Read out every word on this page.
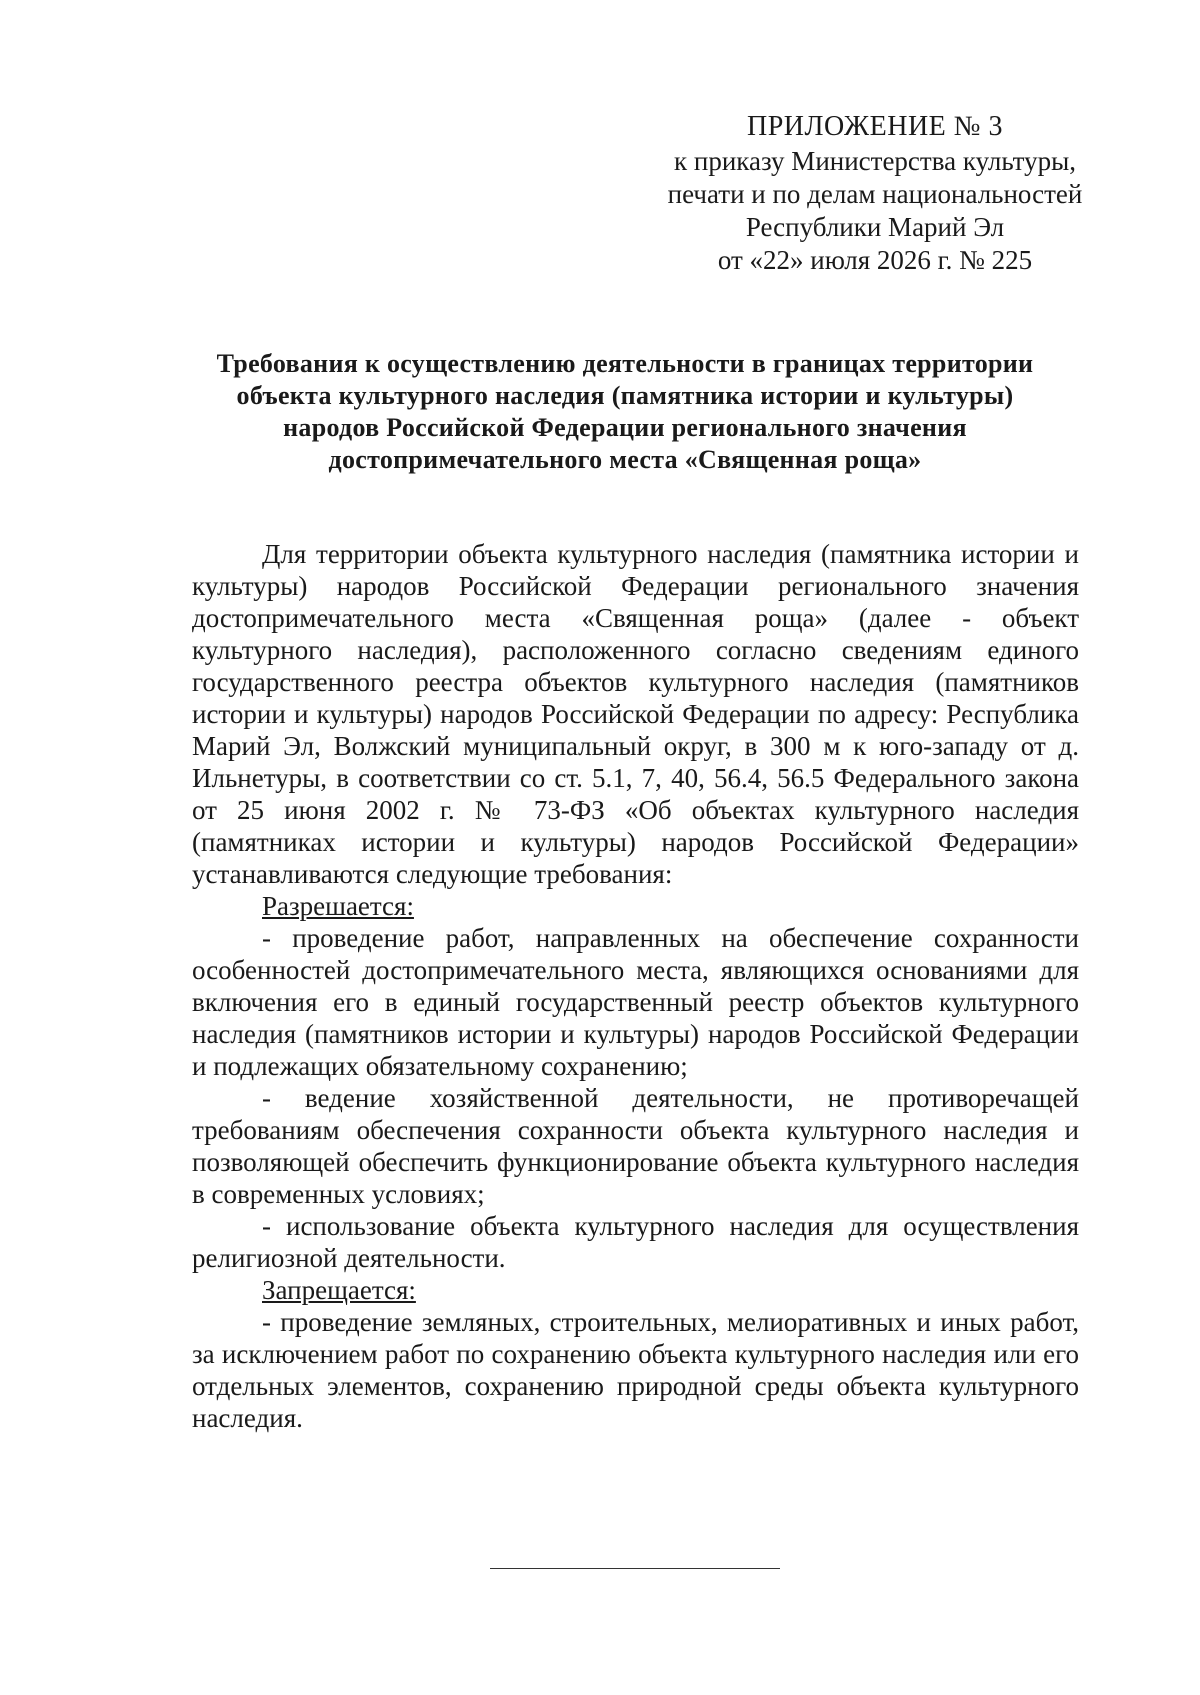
ПРИЛОЖЕНИЕ № 3
к приказу Министерства культуры,
печати и по делам национальностей
Республики Марий Эл
от «22» июля 2026 г. № 225
Требования к осуществлению деятельности в границах территории
объекта культурного наследия (памятника истории и культуры)
народов Российской Федерации регионального значения
достопримечательного места «Священная роща»

Для территории объекта культурного наследия (памятника истории и культуры) народов Российской Федерации регионального значения достопримечательного места «Священная роща» (далее - объект культурного наследия), расположенного согласно сведениям единого государственного реестра объектов культурного наследия (памятников истории и культуры) народов Российской Федерации по адресу: Республика Марий Эл, Волжский муниципальный округ, в 300 м к юго-западу от д. Ильнетуры, в соответствии со ст. 5.1, 7, 40, 56.4, 56.5 Федерального закона от 25 июня 2002 г. № 73-ФЗ «Об объектах культурного наследия (памятниках истории и культуры) народов Российской Федерации» устанавливаются следующие требования:

Разрешается:

- проведение работ, направленных на обеспечение сохранности особенностей достопримечательного места, являющихся основаниями для включения его в единый государственный реестр объектов культурного наследия (памятников истории и культуры) народов Российской Федерации и подлежащих обязательному сохранению;

- ведение хозяйственной деятельности, не противоречащей требованиям обеспечения сохранности объекта культурного наследия и позволяющей обеспечить функционирование объекта культурного наследия в современных условиях;

- использование объекта культурного наследия для осуществления религиозной деятельности.

Запрещается:

- проведение земляных, строительных, мелиоративных и иных работ, за исключением работ по сохранению объекта культурного наследия или его отдельных элементов, сохранению природной среды объекта культурного наследия.
